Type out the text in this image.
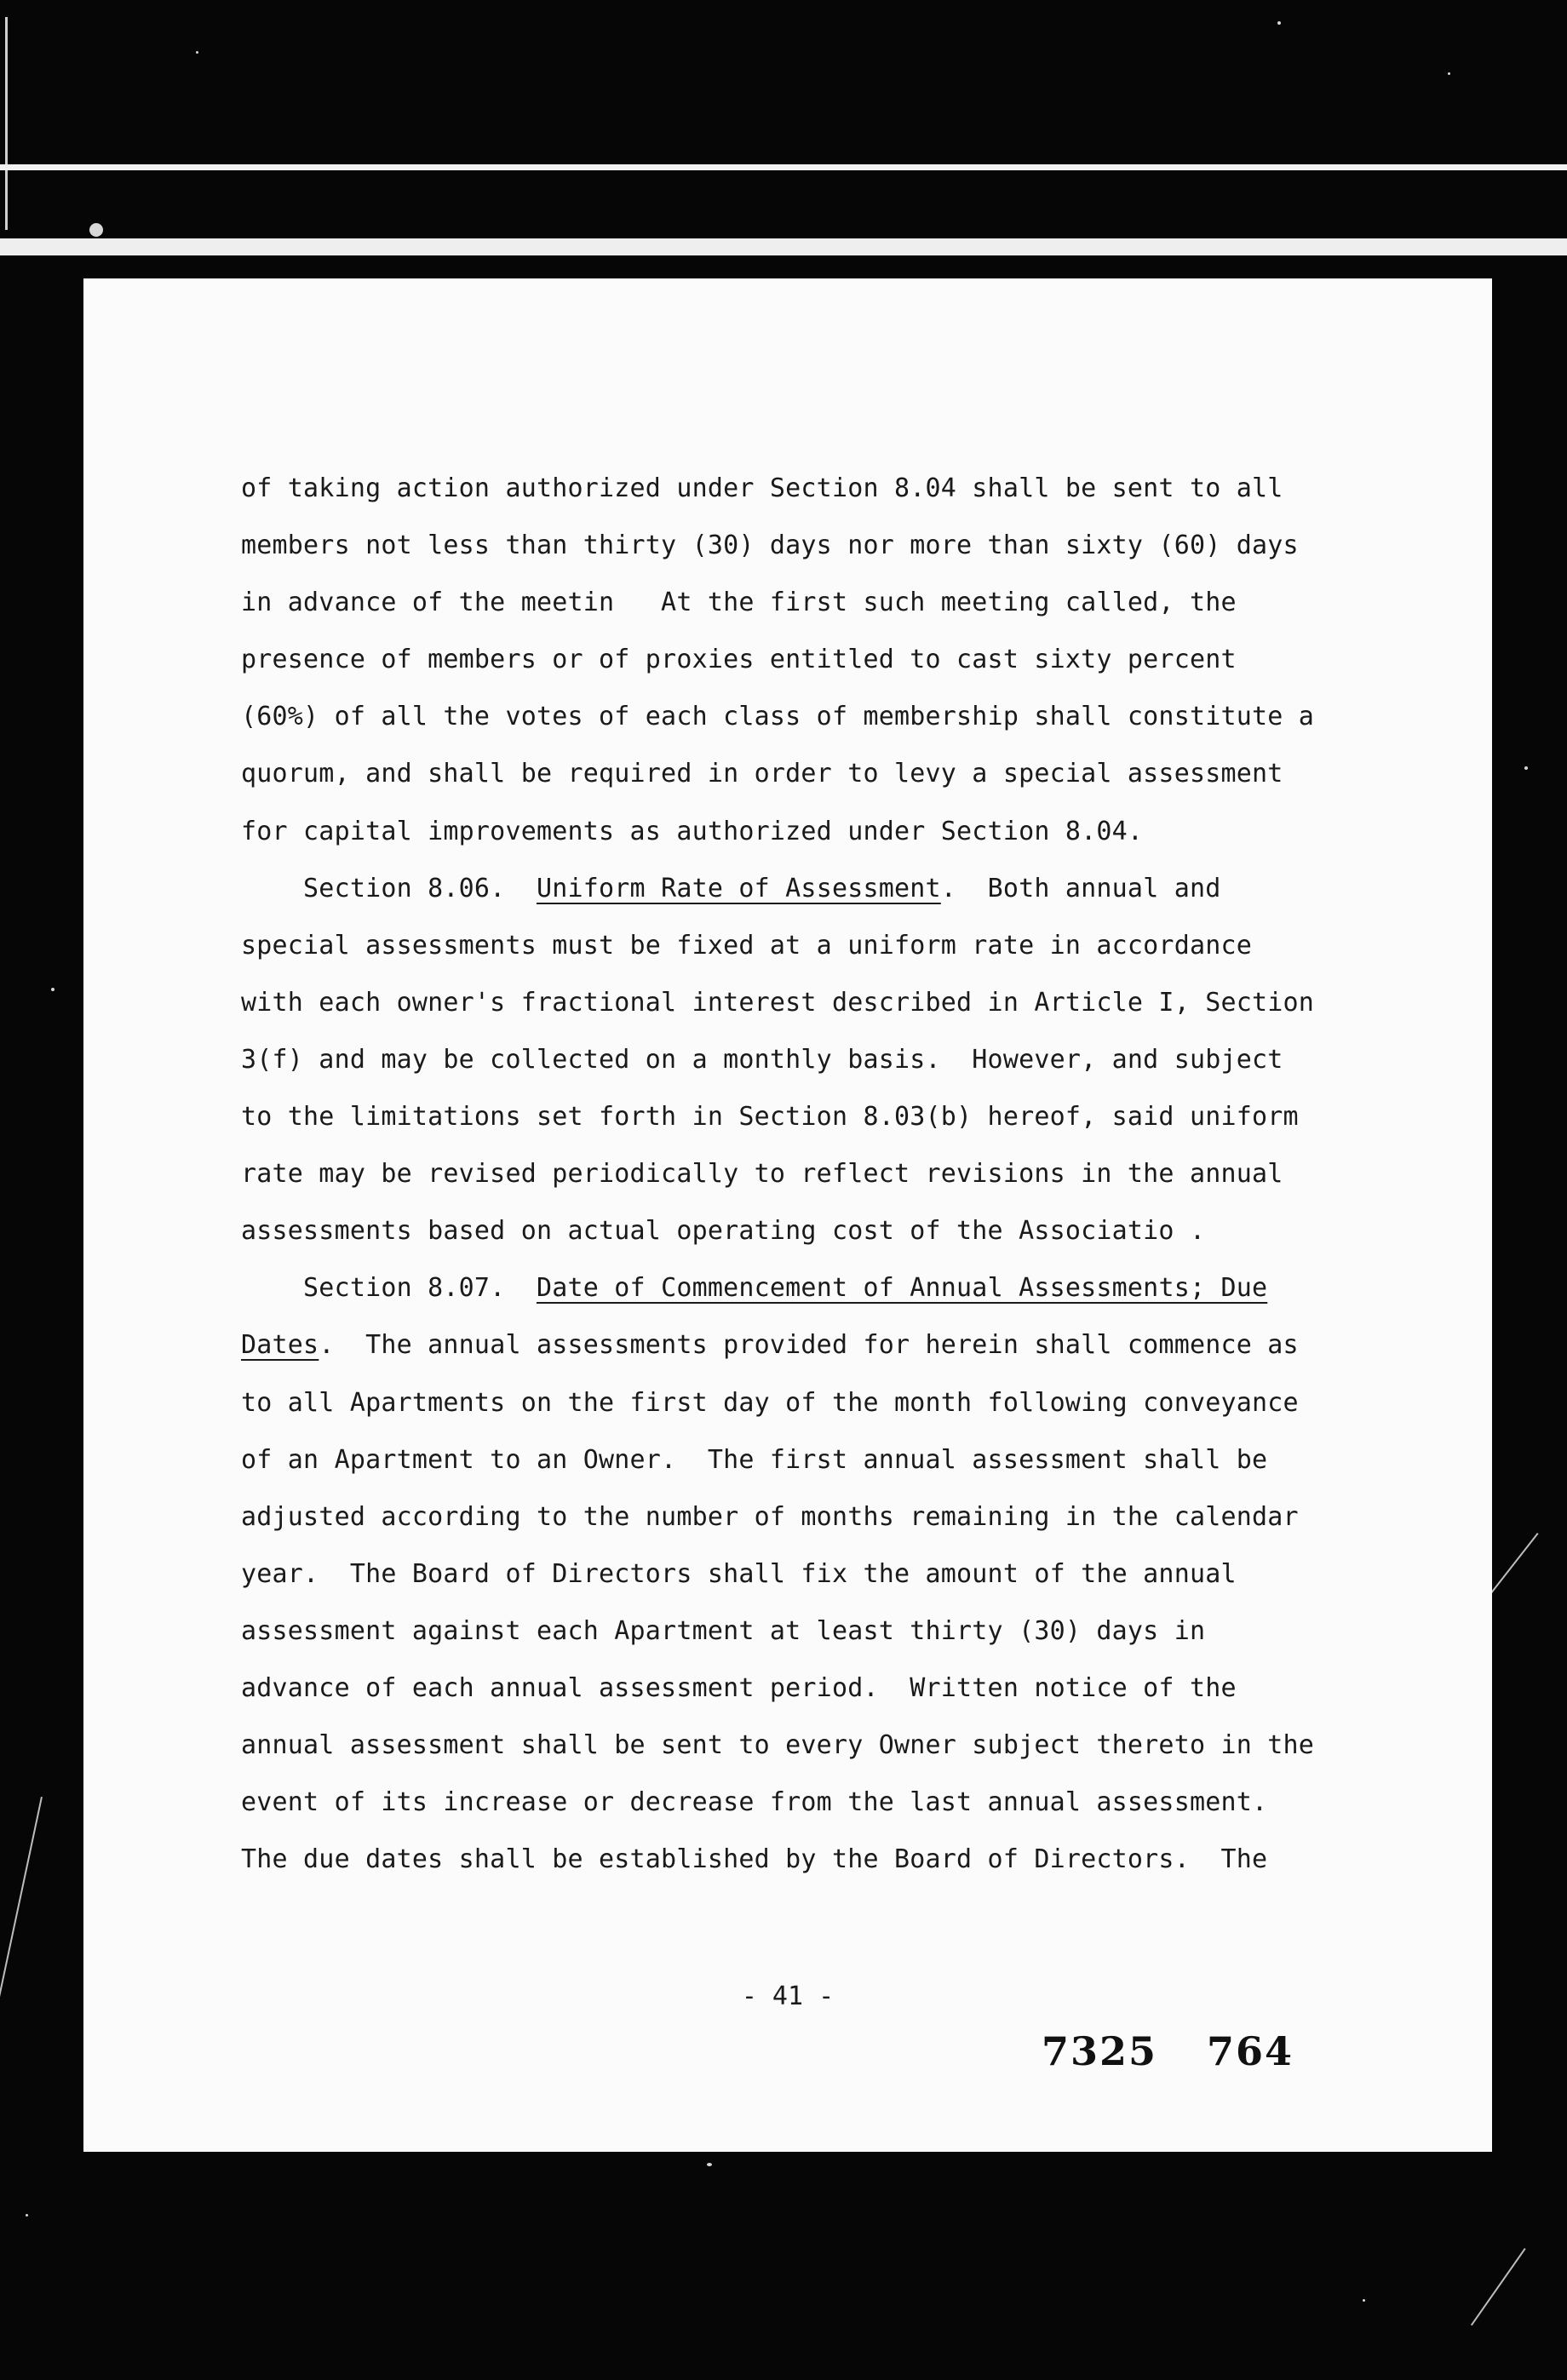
of taking action authorized under Section 8.04 shall be sent to all
members not less than thirty (30) days nor more than sixty (60) days
in advance of the meetin   At the first such meeting called, the
presence of members or of proxies entitled to cast sixty percent
(60%) of all the votes of each class of membership shall constitute a
quorum, and shall be required in order to levy a special assessment
for capital improvements as authorized under Section 8.04.
Section 8.06.  Uniform Rate of Assessment.  Both annual and
special assessments must be fixed at a uniform rate in accordance
with each owner's fractional interest described in Article I, Section
3(f) and may be collected on a monthly basis.  However, and subject
to the limitations set forth in Section 8.03(b) hereof, said uniform
rate may be revised periodically to reflect revisions in the annual
assessments based on actual operating cost of the Associatio .
Section 8.07.  Date of Commencement of Annual Assessments; Due
Dates.  The annual assessments provided for herein shall commence as
to all Apartments on the first day of the month following conveyance
of an Apartment to an Owner.  The first annual assessment shall be
adjusted according to the number of months remaining in the calendar
year.  The Board of Directors shall fix the amount of the annual
assessment against each Apartment at least thirty (30) days in
advance of each annual assessment period.  Written notice of the
annual assessment shall be sent to every Owner subject thereto in the
event of its increase or decrease from the last annual assessment.
The due dates shall be established by the Board of Directors.  The
- 41 -
7325 764
